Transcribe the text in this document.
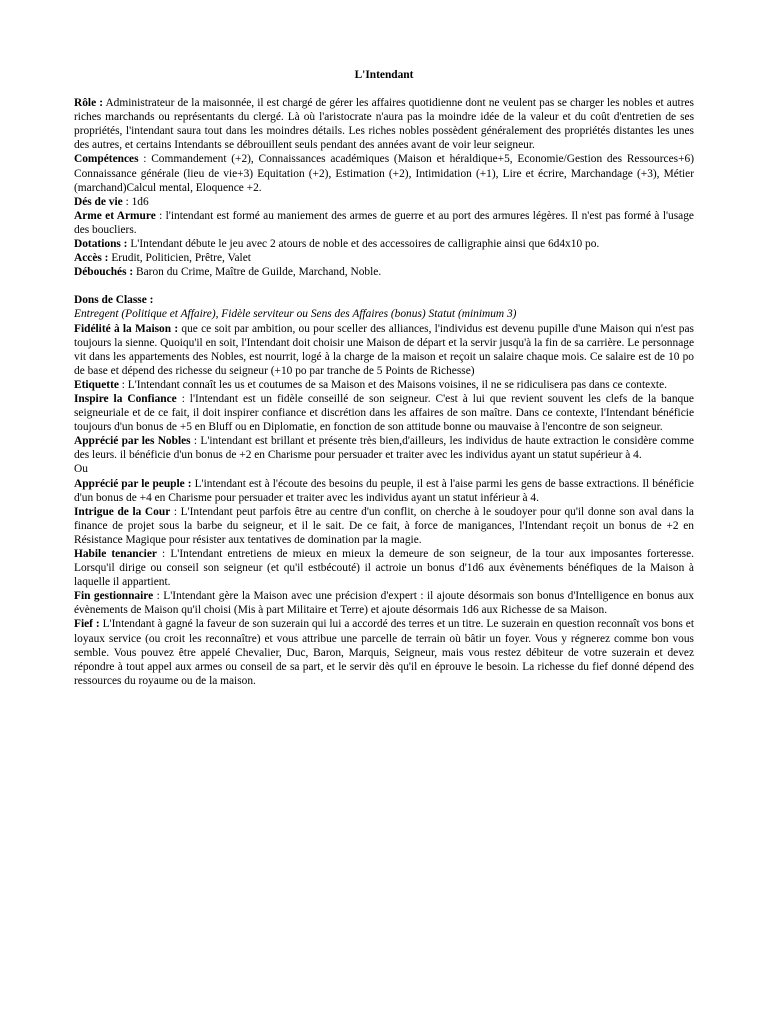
L'Intendant

Rôle : Administrateur de la maisonnée, il est chargé de gérer les affaires quotidienne dont ne veulent pas se charger les nobles et autres riches marchands ou représentants du clergé. Là où l'aristocrate n'aura pas la moindre idée de la valeur et du coût d'entretien de ses propriétés, l'intendant saura tout dans les moindres détails. Les riches nobles possèdent généralement des propriétés distantes les unes des autres, et certains Intendants se débrouillent seuls pendant des années avant de voir leur seigneur.

Compétences : Commandement (+2), Connaissances académiques (Maison et héraldique+5, Economie/Gestion des Ressources+6) Connaissance générale (lieu de vie+3) Equitation (+2), Estimation (+2), Intimidation (+1), Lire et écrire, Marchandage (+3), Métier (marchand)Calcul mental, Eloquence +2.

Dés de vie : 1d6

Arme et Armure : l'intendant est formé au maniement des armes de guerre et au port des armures légères. Il n'est pas formé à l'usage des boucliers.

Dotations : L'Intendant débute le jeu avec 2 atours de noble et des accessoires de calligraphie ainsi que 6d4x10 po.

Accès : Erudit, Politicien, Prêtre, Valet

Débouchés : Baron du Crime, Maître de Guilde, Marchand, Noble.

Dons de Classe :

Entregent (Politique et Affaire), Fidèle serviteur ou Sens des Affaires (bonus) Statut (minimum 3)

Fidélité à la Maison : que ce soit par ambition, ou pour sceller des alliances, l'individus est devenu pupille d'une Maison qui n'est pas toujours la sienne. Quoiqu'il en soit, l'Intendant doit choisir une Maison de départ et la servir jusqu'à la fin de sa carrière. Le personnage vit dans les appartements des Nobles, est nourrit, logé à la charge de la maison et reçoit un salaire chaque mois. Ce salaire est de 10 po de base et dépend des richesse du seigneur (+10 po par tranche de 5 Points de Richesse)

Etiquette : L'Intendant connaît les us et coutumes de sa Maison et des Maisons voisines, il ne se ridiculisera pas dans ce contexte.

Inspire la Confiance : l'Intendant est un fidèle conseillé de son seigneur. C'est à lui que revient souvent les clefs de la banque seigneuriale et de ce fait, il doit inspirer confiance et discrétion dans les affaires de son maître. Dans ce contexte, l'Intendant bénéficie toujours d'un bonus de +5 en Bluff ou en Diplomatie, en fonction de son attitude bonne ou mauvaise à l'encontre de son seigneur.

Apprécié par les Nobles : L'intendant est brillant et présente très bien,d'ailleurs, les individus de haute extraction le considère comme des leurs. il bénéficie d'un bonus de +2 en Charisme pour persuader et traiter avec les individus ayant un statut supérieur à 4.

Ou

Apprécié par le peuple : L'intendant est à l'écoute des besoins du peuple, il est à l'aise parmi les gens de basse extractions. Il bénéficie d'un bonus de +4 en Charisme pour persuader et traiter avec les individus ayant un statut inférieur à 4.

Intrigue de la Cour : L'Intendant peut parfois être au centre d'un conflit, on cherche à le soudoyer pour qu'il donne son aval dans la finance de projet sous la barbe du seigneur, et il le sait. De ce fait, à force de manigances, l'Intendant reçoit un bonus de +2 en Résistance Magique pour résister aux tentatives de domination par la magie.

Habile tenancier : L'Intendant entretiens de mieux en mieux la demeure de son seigneur, de la tour aux imposantes forteresse. Lorsqu'il dirige ou conseil son seigneur (et qu'il estbécouté) il actroie un bonus d'1d6 aux évènements bénéfiques de la Maison à laquelle il appartient.

Fin gestionnaire : L'Intendant gère la Maison avec une précision d'expert : il ajoute désormais son bonus d'Intelligence en bonus aux évènements de Maison qu'il choisi (Mis à part Militaire et Terre) et ajoute désormais 1d6 aux Richesse de sa Maison.

Fief : L'Intendant à gagné la faveur de son suzerain qui lui a accordé des terres et un titre. Le suzerain en question reconnaît vos bons et loyaux service (ou croit les reconnaître) et vous attribue une parcelle de terrain où bâtir un foyer. Vous y régnerez comme bon vous semble. Vous pouvez être appelé Chevalier, Duc, Baron, Marquis, Seigneur, mais vous restez débiteur de votre suzerain et devez répondre à tout appel aux armes ou conseil de sa part, et le servir dès qu'il en éprouve le besoin. La richesse du fief donné dépend des ressources du royaume ou de la maison.
